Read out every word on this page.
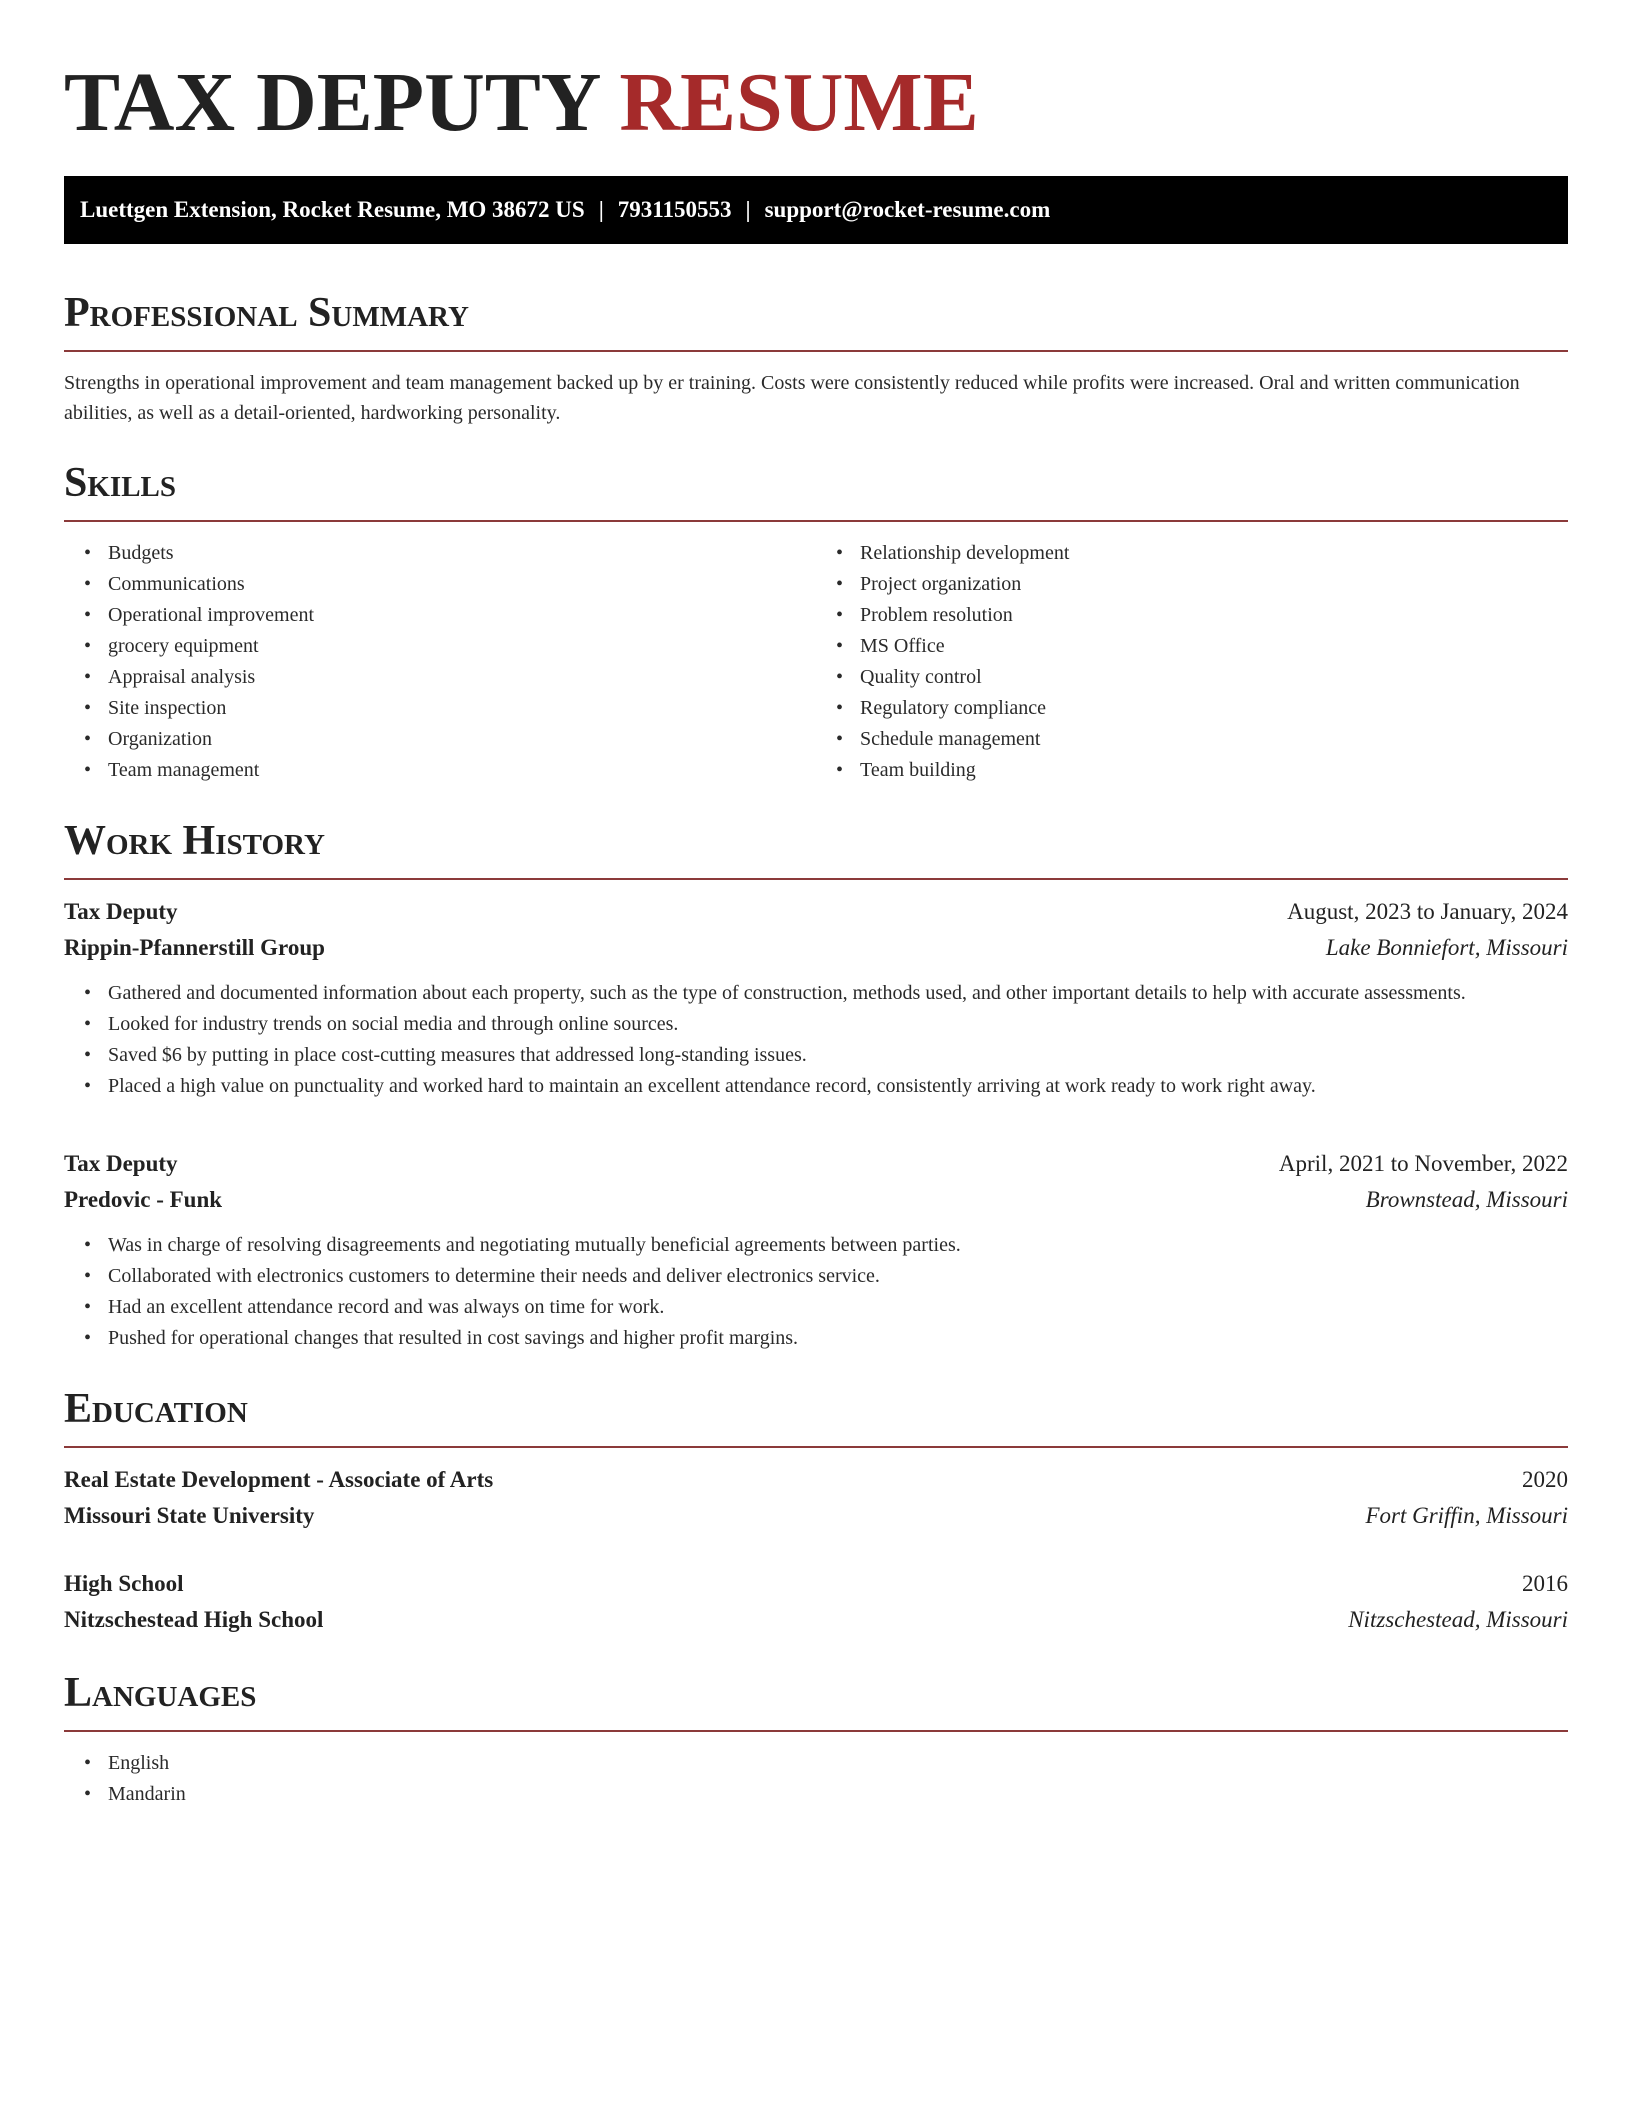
TAX DEPUTY RESUME
Luettgen Extension, Rocket Resume, MO 38672 US | 7931150553 | support@rocket-resume.com
Professional Summary

Strengths in operational improvement and team management backed up by er training. Costs were consistently reduced while profits were increased. Oral and written communication abilities, as well as a detail-oriented, hardworking personality.

Skills
• Budgets
• Communications
• Operational improvement
• grocery equipment
• Appraisal analysis
• Site inspection
• Organization
• Team management
• Relationship development
• Project organization
• Problem resolution
• MS Office
• Quality control
• Regulatory compliance
• Schedule management
• Team building
Work History
Tax Deputy	August, 2023 to January, 2024
Rippin-Pfannerstill Group	Lake Bonniefort, Missouri
• Gathered and documented information about each property, such as the type of construction, methods used, and other important details to help with accurate assessments.
• Looked for industry trends on social media and through online sources.
• Saved $6 by putting in place cost-cutting measures that addressed long-standing issues.
• Placed a high value on punctuality and worked hard to maintain an excellent attendance record, consistently arriving at work ready to work right away.
Tax Deputy	April, 2021 to November, 2022
Predovic - Funk	Brownstead, Missouri
• Was in charge of resolving disagreements and negotiating mutually beneficial agreements between parties.
• Collaborated with electronics customers to determine their needs and deliver electronics service.
• Had an excellent attendance record and was always on time for work.
• Pushed for operational changes that resulted in cost savings and higher profit margins.
Education
Real Estate Development - Associate of Arts	2020
Missouri State University	Fort Griffin, Missouri
High School	2016
Nitzschestead High School	Nitzschestead, Missouri
Languages
• English
• Mandarin
